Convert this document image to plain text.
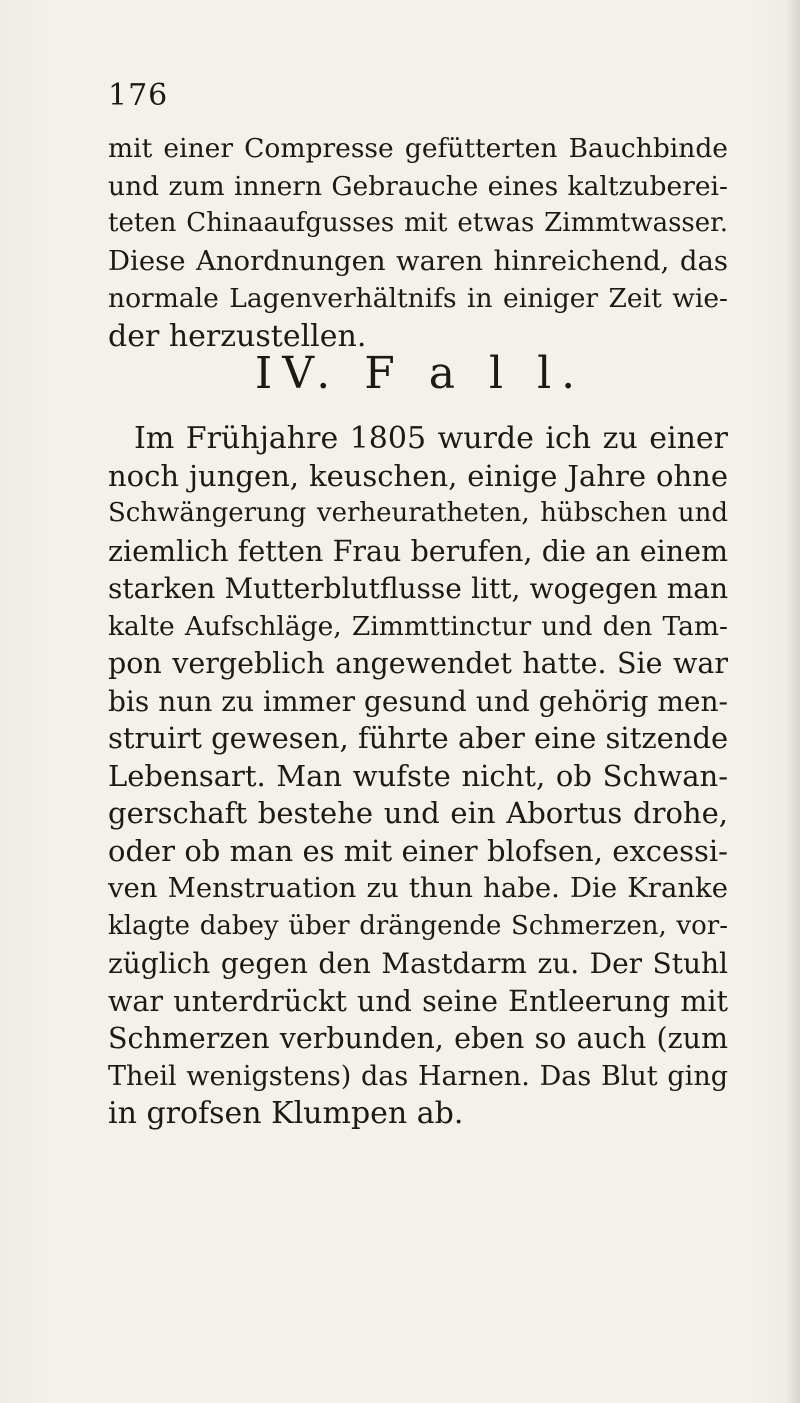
176
mit einer Compresse gefütterten Bauchbinde
und zum innern Gebrauche eines kaltzuberei-
teten Chinaaufgusses mit etwas Zimmtwasser.
Diese Anordnungen waren hinreichend, das
normale Lagenverhältnifs in einiger Zeit wie-
der herzustellen.
IV. F a l l.
Im Frühjahre 1805 wurde ich zu einer
noch jungen, keuschen, einige Jahre ohne
Schwängerung verheuratheten, hübschen und
ziemlich fetten Frau berufen, die an einem
starken Mutterblutflusse litt, wogegen man
kalte Aufschläge, Zimmttinctur und den Tam-
pon vergeblich angewendet hatte. Sie war
bis nun zu immer gesund und gehörig men-
struirt gewesen, führte aber eine sitzende
Lebensart. Man wufste nicht, ob Schwan-
gerschaft bestehe und ein Abortus drohe,
oder ob man es mit einer blofsen, excessi-
ven Menstruation zu thun habe. Die Kranke
klagte dabey über drängende Schmerzen, vor-
züglich gegen den Mastdarm zu. Der Stuhl
war unterdrückt und seine Entleerung mit
Schmerzen verbunden, eben so auch (zum
Theil wenigstens) das Harnen. Das Blut ging
in grofsen Klumpen ab.
